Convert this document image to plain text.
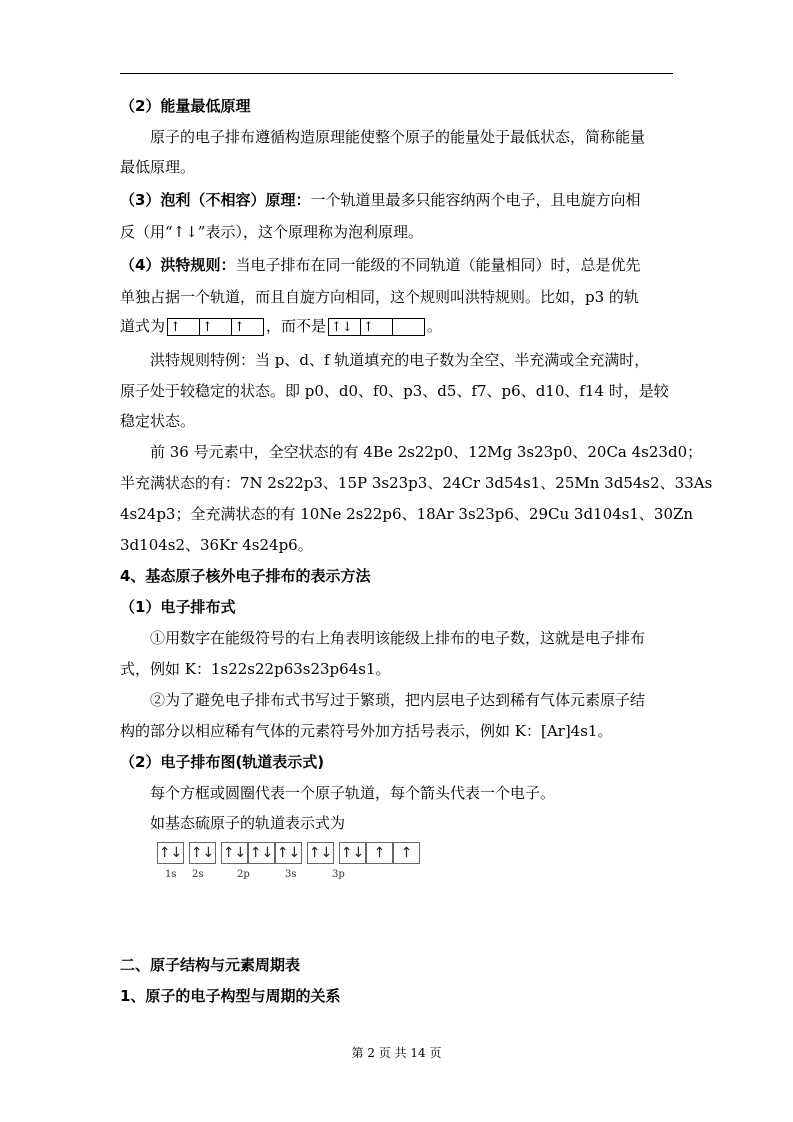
（2）能量最低原理
原子的电子排布遵循构造原理能使整个原子的能量处于最低状态，简称能量
最低原理。
（3）泡利（不相容）原理：一个轨道里最多只能容纳两个电子，且电旋方向相
反（用“↑↓”表示），这个原理称为泡利原理。
（4）洪特规则：当电子排布在同一能级的不同轨道（能量相同）时，总是优先
单独占据一个轨道，而且自旋方向相同，这个规则叫洪特规则。比如，p3 的轨
道式为 ↑	↑	↑	，而不是 ↑↓ ↑	。
洪特规则特例：当 p、d、f 轨道填充的电子数为全空、半充满或全充满时，
原子处于较稳定的状态。即 p0、d0、f0、p3、d5、f7、p6、d10、f14 时，是较
稳定状态。
前 36 号元素中，全空状态的有 4Be 2s22p0、12Mg 3s23p0、20Ca 4s23d0；
半充满状态的有：7N 2s22p3、15P 3s23p3、24Cr 3d54s1、25Mn 3d54s2、33As
4s24p3；全充满状态的有 10Ne 2s22p6、18Ar 3s23p6、29Cu 3d104s1、30Zn
3d104s2、36Kr 4s24p6。
4、基态原子核外电子排布的表示方法
（1）电子排布式
①用数字在能级符号的右上角表明该能级上排布的电子数，这就是电子排布
式，例如 K：1s22s22p63s23p64s1。
②为了避免电子排布式书写过于繁琐，把内层电子达到稀有气体元素原子结
构的部分以相应稀有气体的元素符号外加方括号表示，例如 K：[Ar]4s1。
（2）电子排布图(轨道表示式)
每个方框或圆圈代表一个原子轨道，每个箭头代表一个电子。
如基态硫原子的轨道表示式为
↑↓ ↑↓ ↑↓ ↑↓ ↑↓ ↑↓ ↑↓ ↑	↑
1s 2s	2p	3s	3p
二、原子结构与元素周期表
1、原子的电子构型与周期的关系
第 2 页 共 14 页
